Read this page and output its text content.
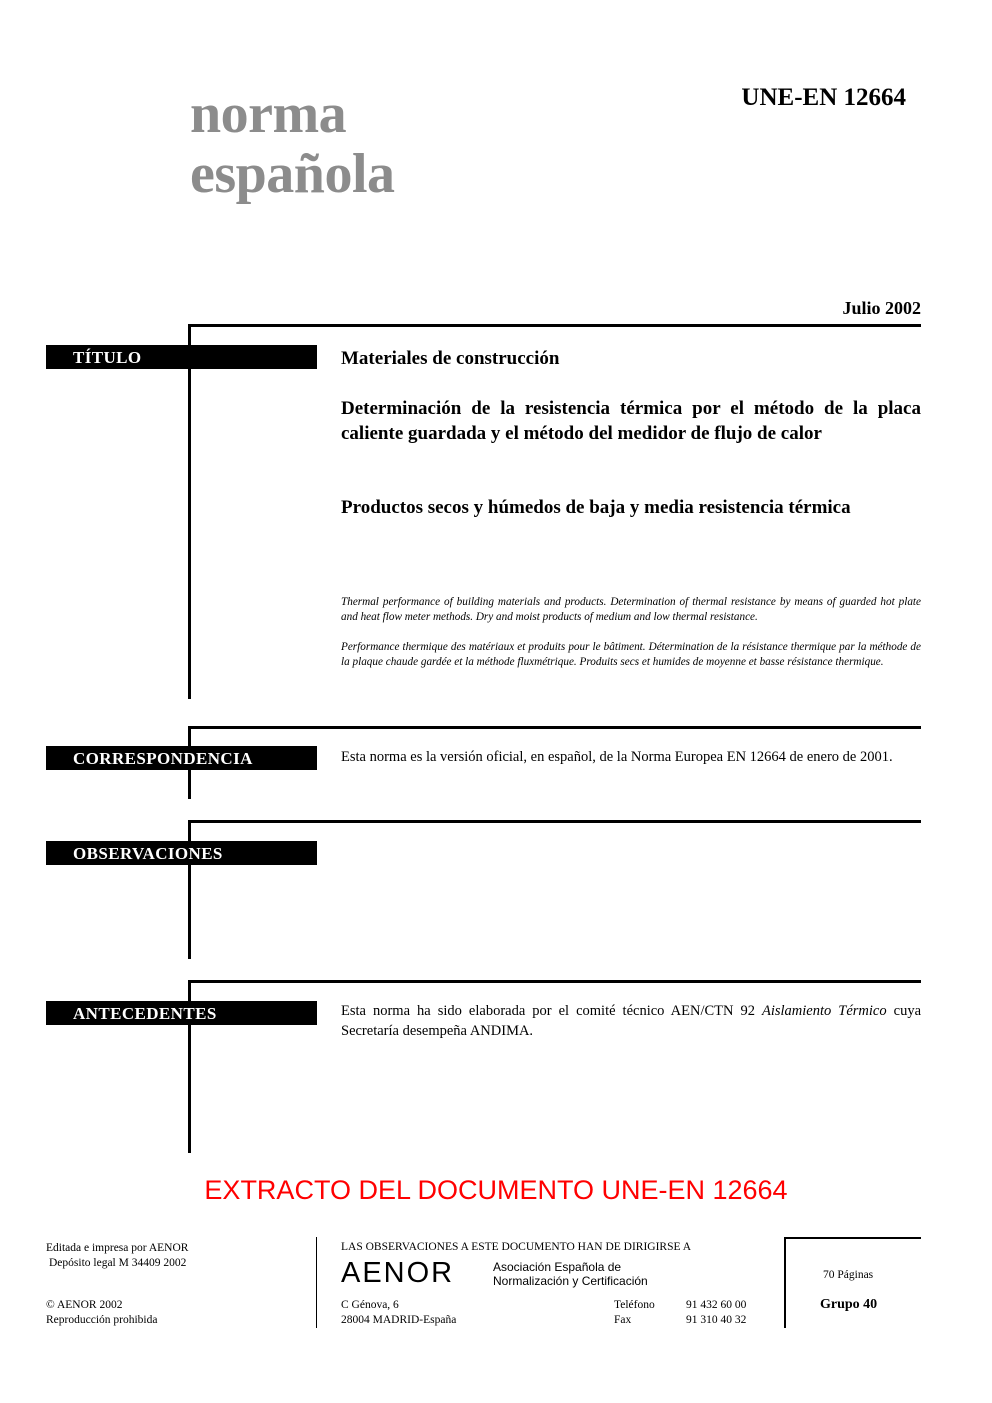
norma
española
UNE-EN 12664
Julio 2002
TÍTULO	Materiales de construcción
Determinación de la resistencia térmica por el método de la placa caliente guardada y el método del medidor de flujo de calor
Productos secos y húmedos de baja y media resistencia térmica
Thermal performance of building materials and products. Determination of thermal resistance by means of guarded hot plate and heat flow meter methods. Dry and moist products of medium and low thermal resistance.
Performance thermique des matériaux et produits pour le bâtiment. Détermination de la résistance thermique par la méthode de la plaque chaude gardée et la méthode fluxmétrique. Produits secs et humides de moyenne et basse résistance thermique.
CORRESPONDENCIA	Esta norma es la versión oficial, en español, de la Norma Europea EN 12664 de enero de 2001.
OBSERVACIONES
ANTECEDENTES	Esta norma ha sido elaborada por el comité técnico AEN/CTN 92 Aislamiento Térmico cuya Secretaría desempeña ANDIMA.
EXTRACTO DEL DOCUMENTO UNE-EN 12664
Editada e impresa por AENOR
Depósito legal M 34409 2002
© AENOR 2002
Reproducción prohibida
LAS OBSERVACIONES A ESTE DOCUMENTO HAN DE DIRIGIRSE A
AENOR	Asociación Española de
Normalización y Certificación
C Génova, 6
28004 MADRID-España
Teléfono	91 432 60 00
Fax	91 310 40 32
70 Páginas
Grupo 40
